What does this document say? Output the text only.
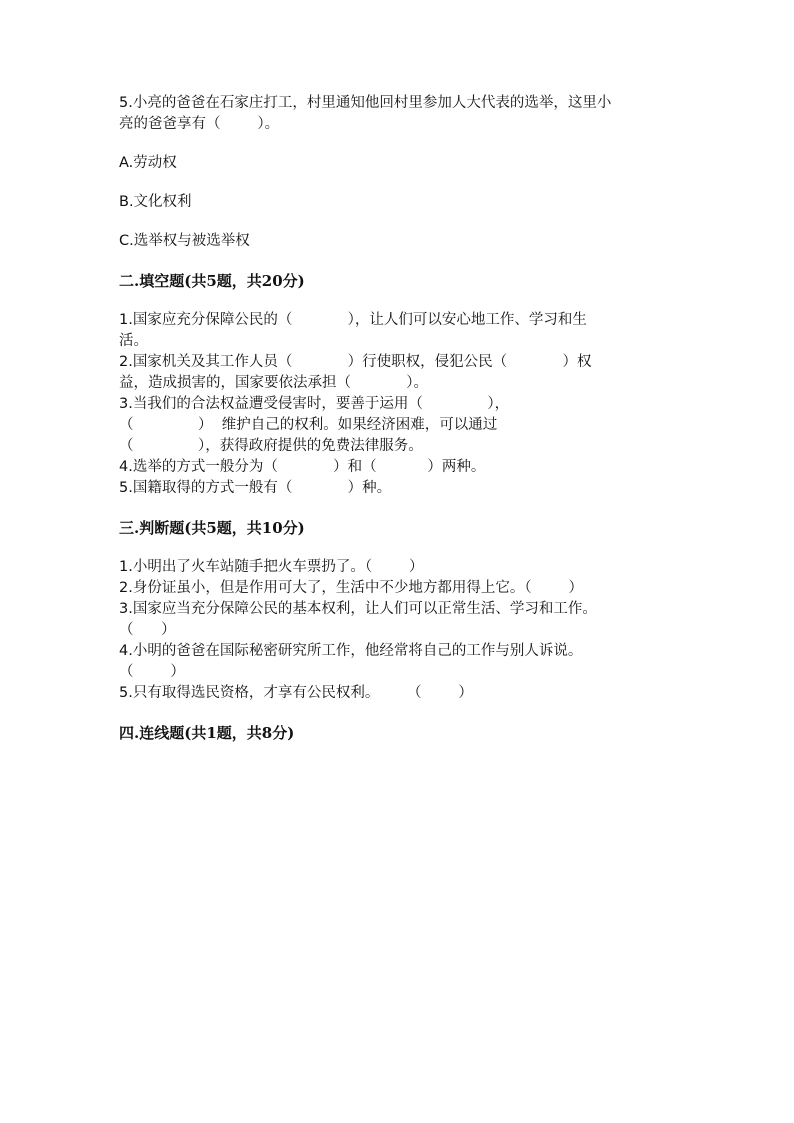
5.小亮的爸爸在石家庄打工，村里通知他回村里参加人大代表的选举，这里小
亮的爸爸享有（        ）。
A.劳动权
B.文化权利
C.选举权与被选举权
二.填空题(共5题，共20分)
1.国家应充分保障公民的（            ），让人们可以安心地工作、学习和生
活。
2.国家机关及其工作人员（            ）行使职权，侵犯公民（            ）权
益，造成损害的，国家要依法承担（            ）。
3.当我们的合法权益遭受侵害时，要善于运用（              ），
（              ）  维护自己的权利。如果经济困难，可以通过
（              ），获得政府提供的免费法律服务。
4.选举的方式一般分为（            ）和（           ）两种。
5.国籍取得的方式一般有（            ）种。
三.判断题(共5题，共10分)
1.小明出了火车站随手把火车票扔了。（        ）
2.身份证虽小，但是作用可大了，生活中不少地方都用得上它。（        ）
3.国家应当充分保障公民的基本权利，让人们可以正常生活、学习和工作。
（      ）
4.小明的爸爸在国际秘密研究所工作，他经常将自己的工作与别人诉说。
（        ）
5.只有取得选民资格，才享有公民权利。      （        ）
四.连线题(共1题，共8分)
